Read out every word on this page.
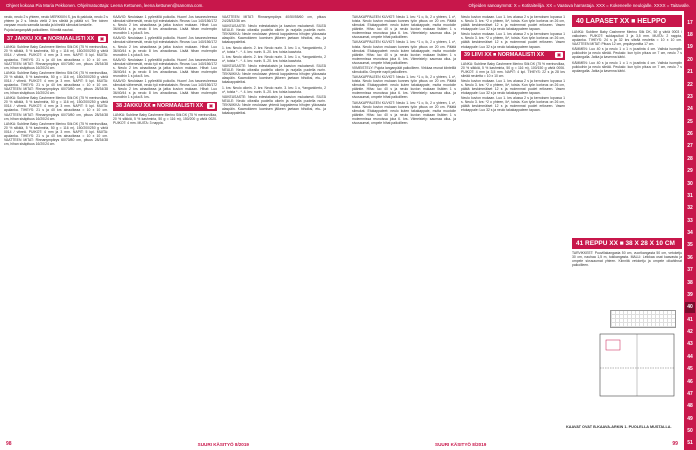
Ohjeet kokoaa Pia Maria Pekkonen. Ohjelmatuottaja: Leena Kettunen, leena.kettunen@sanoma.com.	Ohjeiden sanoaymmä: X = Kotitaiteilija. XX = Vaatuva harrastaja. XXX = Kokeneelle neulojalle. XXXX = Taitavalle.

neulo, neulo 2 s yhteen, neulo MERKKIIN S, jos tk pakkola, neulo 2 s yhteen ja 2 s. Neulo vielä 2 krs sileää ja päätä s:t. Tee toinen varpaan muoto samalla tavalla ja kiinnitä silmukat keskelle.

Pujota langanpäät paikoilleen. Kiinnitä nauhat.

37 JAKKU XX ■ NORMAALISTI XX	▣

LANKA: Sublime Baby Cashmere Merino Silk DK (75 % merinovillaa, 20 % silkkiä, 5 % kashmiria, 50 g = 116 m), 150/200/250 g väriä 0014 / vihreä. PUIKOT: 4 mm ja 3 mm. NAPIT: 5 kpl. MUITA: apulanka. TIHEYS: 21 s ja 40 krs ainaoikeaa = 10 x 10 cm. VAATTEEN MITAT: Rinnanympärys 60/70/80 cm, pituus 28/34/38 cm, hihan sisäpituus 16/20/24 cm.

LANKA: Sublime Baby Cashmere Merino Silk DK (75 % merinovillaa, 20 % silkkiä, 5 % kashmiria, 50 g = 116 m), 150/200/250 g väriä 0014 / vihreä. PUIKOT: 4 mm ja 3 mm. NAPIT: 5 kpl. MUITA: apulanka. TIHEYS: 21 s ja 40 krs ainaoikeaa = 10 x 10 cm. VAATTEEN MITAT: Rinnanympärys 60/70/80 cm, pituus 28/34/38 cm, hihan sisäpituus 16/20/24 cm.

LANKA: Sublime Baby Cashmere Merino Silk DK (75 % merinovillaa, 20 % silkkiä, 5 % kashmiria, 50 g = 116 m), 150/200/250 g väriä 0014 / vihreä. PUIKOT: 4 mm ja 3 mm. NAPIT: 5 kpl. MUITA: apulanka. TIHEYS: 21 s ja 40 krs ainaoikeaa = 10 x 10 cm. VAATTEEN MITAT: Rinnanympärys 60/70/80 cm, pituus 28/34/38 cm, hihan sisäpituus 16/20/24 cm.

LANKA: Sublime Baby Cashmere Merino Silk DK (75 % merinovillaa, 20 % silkkiä, 5 % kashmiria, 50 g = 116 m), 150/200/250 g väriä 0014 / vihreä. PUIKOT: 4 mm ja 3 mm. NAPIT: 5 kpl. MUITA: apulanka. TIHEYS: 21 s ja 40 krs ainaoikeaa = 10 x 10 cm. VAATTEEN MITAT: Rinnanympärys 60/70/80 cm, pituus 28/34/38 cm, hihan sisäpituus 16/20/24 cm.

KAAVIO: Neulotaan 1 pyöreällä puikolla. Huom! Jos tasoneuleessa silmukat vähenevät, neulo työ edestakaisin. Reuna: Luo 140/156/172 s. Neulo 2 krs ainaoikeaa ja jatka kuvion mukaan. Hihat: Luo 36/40/44 s ja neulo 8 krs ainaoikeaa. Lisää hihan molempiin reunoihin 1 s joka 8. krs.

KAAVIO: Neulotaan 1 pyöreällä puikolla. Huom! Jos tasoneuleessa silmukat vähenevät, neulo työ edestakaisin. Reuna: Luo 140/156/172 s. Neulo 2 krs ainaoikeaa ja jatka kuvion mukaan. Hihat: Luo 36/40/44 s ja neulo 8 krs ainaoikeaa. Lisää hihan molempiin reunoihin 1 s joka 8. krs.

KAAVIO: Neulotaan 1 pyöreällä puikolla. Huom! Jos tasoneuleessa silmukat vähenevät, neulo työ edestakaisin. Reuna: Luo 140/156/172 s. Neulo 2 krs ainaoikeaa ja jatka kuvion mukaan. Hihat: Luo 36/40/44 s ja neulo 8 krs ainaoikeaa. Lisää hihan molempiin reunoihin 1 s joka 8. krs.

KAAVIO: Neulotaan 1 pyöreällä puikolla. Huom! Jos tasoneuleessa silmukat vähenevät, neulo työ edestakaisin. Reuna: Luo 140/156/172 s. Neulo 2 krs ainaoikeaa ja jatka kuvion mukaan. Hihat: Luo 36/40/44 s ja neulo 8 krs ainaoikeaa. Lisää hihan molempiin reunoihin 1 s joka 8. krs.

38 JAKKU XX ■ NORMAALISTI XX	▣

LANKA: Sublime Baby Cashmere Merino Silk DK (75 % merinovillaa, 20 % silkkiä, 5 % kashmiria, 50 g = 116 m), 150/200 g väriä 0020. PUIKOT: 4 mm. MUITA: 3 nappia.

VAATTEEN MITAT: Rinnanympärys 40/50/55/60 cm, pituus 24/28/32/36 cm.

VAIKEUSASTE: Neulo edestakaisin ja kaavion mukaisesti. SILEÄ NEULE: Neulo oikealla puolella oikein ja nurjalla puolella nurin. TEKNIIKKA: Neule neulotaan yhtenä kappaleena hihojen yläosasta alaspäin. Kaarrokkeen luomisen jälkeen jaetaan hihoiksi, etu- ja takakappaleiksi.

1. krs: Neulo oikein. 2. krs: Neulo nurin. 3. krs: 1 o, *langankierto, 2 o*, toista * - *. 4. krs: nurin. 5.-20. krs: toista kaaviota.

1. krs: Neulo oikein. 2. krs: Neulo nurin. 3. krs: 1 o, *langankierto, 2 o*, toista * - *. 4. krs: nurin. 5.-20. krs: toista kaaviota.

VAIKEUSASTE: Neulo edestakaisin ja kaavion mukaisesti. SILEÄ NEULE: Neulo oikealla puolella oikein ja nurjalla puolella nurin. TEKNIIKKA: Neule neulotaan yhtenä kappaleena hihojen yläosasta alaspäin. Kaarrokkeen luomisen jälkeen jaetaan hihoiksi, etu- ja takakappaleiksi.

1. krs: Neulo oikein. 2. krs: Neulo nurin. 3. krs: 1 o, *langankierto, 2 o*, toista * - *. 4. krs: nurin. 5.-20. krs: toista kaaviota.

VAIKEUSASTE: Neulo edestakaisin ja kaavion mukaisesti. SILEÄ NEULE: Neulo oikealla puolella oikein ja nurjalla puolella nurin. TEKNIIKKA: Neule neulotaan yhtenä kappaleena hihojen yläosasta alaspäin. Kaarrokkeen luomisen jälkeen jaetaan hihoiksi, etu- ja takakappaleiksi.

TAKAKAPPALEEN KUVIOT: Neulo 1. krs: *1 o, lk, 2 o yhteen, 1 o*, toista. Neulo kuvion mukaan kunnes työn pituus on 20 cm. Päätä silmukat. Etukappaleet: neulo kuten takakappale, mutta muotoile pääntie. Hiha: luo 40 s ja neulo kuvion mukaan lisäten 1 s molemmissa reunoissa joka 6. krs. Viimeistely: saumaa olka- ja sivusaumat, ompele hihat paikoilleen.

TAKAKAPPALEEN KUVIOT: Neulo 1. krs: *1 o, lk, 2 o yhteen, 1 o*, toista. Neulo kuvion mukaan kunnes työn pituus on 20 cm. Päätä silmukat. Etukappaleet: neulo kuten takakappale, mutta muotoile pääntie. Hiha: luo 40 s ja neulo kuvion mukaan lisäten 1 s molemmissa reunoissa joka 6. krs. Viimeistely: saumaa olka- ja sivusaumat, ompele hihat paikoilleen.

VIIMEISTELY: Pujota langanpäät paikoilleen. Virkkaa reunat kiinteillä silmukoilla. Ompele napit paikoilleen.

TAKAKAPPALEEN KUVIOT: Neulo 1. krs: *1 o, lk, 2 o yhteen, 1 o*, toista. Neulo kuvion mukaan kunnes työn pituus on 20 cm. Päätä silmukat. Etukappaleet: neulo kuten takakappale, mutta muotoile pääntie. Hiha: luo 40 s ja neulo kuvion mukaan lisäten 1 s molemmissa reunoissa joka 6. krs. Viimeistely: saumaa olka- ja sivusaumat, ompele hihat paikoilleen.

TAKAKAPPALEEN KUVIOT: Neulo 1. krs: *1 o, lk, 2 o yhteen, 1 o*, toista. Neulo kuvion mukaan kunnes työn pituus on 20 cm. Päätä silmukat. Etukappaleet: neulo kuten takakappale, mutta muotoile pääntie. Hiha: luo 40 s ja neulo kuvion mukaan lisäten 1 s molemmissa reunoissa joka 6. krs. Viimeistely: saumaa olka- ja sivusaumat, ompele hihat paikoilleen.

Neulo kuvion mukaan. Luo 1. krs alussa 2 s ja kerroksen lopussa 1 s. Neulo 3. krs: *2 o yhteen, lk*, toista. Kun työn korkeus on 26 cm, päätä keskimmäiset 12 s ja molemmat puolet erikseen. Vasen etukappale: Luo 32 s ja neulo takakappaleen tapaan.

Neulo kuvion mukaan. Luo 1. krs alussa 2 s ja kerroksen lopussa 1 s. Neulo 3. krs: *2 o yhteen, lk*, toista. Kun työn korkeus on 26 cm, päätä keskimmäiset 12 s ja molemmat puolet erikseen. Vasen etukappale: Luo 32 s ja neulo takakappaleen tapaan.

39 LIIVI XX ■ NORMAALISTI XX	▣

LANKA: Sublime Baby Cashmere Merino Silk DK (75 % merinovillaa, 20 % silkkiä, 5 % kashmiria, 50 g = 116 m), 100/150 g väriä 0006. PUIKOT: 4 mm ja 3,5 mm. NAPIT: 4 kpl. TIHEYS: 22 s ja 28 krs sileää neuletta = 10 x 10 cm.

Neulo kuvion mukaan. Luo 1. krs alussa 2 s ja kerroksen lopussa 1 s. Neulo 3. krs: *2 o yhteen, lk*, toista. Kun työn korkeus on 26 cm, päätä keskimmäiset 12 s ja molemmat puolet erikseen. Vasen etukappale: Luo 32 s ja neulo takakappaleen tapaan.

Neulo kuvion mukaan. Luo 1. krs alussa 2 s ja kerroksen lopussa 1 s. Neulo 3. krs: *2 o yhteen, lk*, toista. Kun työn korkeus on 26 cm, päätä keskimmäiset 12 s ja molemmat puolet erikseen. Vasen etukappale: Luo 32 s ja neulo takakappaleen tapaan.

40 LAPASET XX ■ HELPPO

LANKA: Sublime Baby Cashmere Merino Silk DK, 50 g väriä 0003 / valkoinen. PUIKOT: sukkapuikot 3 ja 3,5 mm. MUITA: 2 nappia, apulanka. TIHEYS: 24 s ja 32 krs sileää neuletta = 10 x 10 cm. VAATTEEN MITAT: Pituus 12 cm, ympärysmitta 17 cm.

KÄMMEN: Luo 40 s ja neulo 1 o 1 n joustinta 4 cm. Vaihda isompiin puikkoihin ja neulo sileää. Peukalo: kun työn pituus on 7 cm, neulo 7 s apulangalla. Jatka ja kavenna kärki.

KÄMMEN: Luo 40 s ja neulo 1 o 1 n joustinta 4 cm. Vaihda isompiin puikkoihin ja neulo sileää. Peukalo: kun työn pituus on 7 cm, neulo 7 s apulangalla. Jatka ja kavenna kärki.

41 REPPU XX ■ 38 X 28 X 10 CM

TARVIKKEET: Puuvillakangasta 50 cm, vuorikangasta 50 cm, vetoketju 30 cm, nauhaa 1,5 m, tukikangasta. MALLI: Leikkaa osat kaavasta ja ompele sivusaumat yhteen. Kiinnitä vetoketju ja ompele olkahihnat paikoilleen.

KAAVAT OVAT B-KAAVA-ARKIN 1. PUOLELLA MUSTALLA.
17
18
19
20
21
22
23
24
25
26
27
28
29
30
31
32
33
34
35
36
37
38
39
40
41
42
43
44
45
46
47
48
49
50
51
98	SUURI KÄSITYÖ 8/2019	SUURI KÄSITYÖ 8/2019	99
